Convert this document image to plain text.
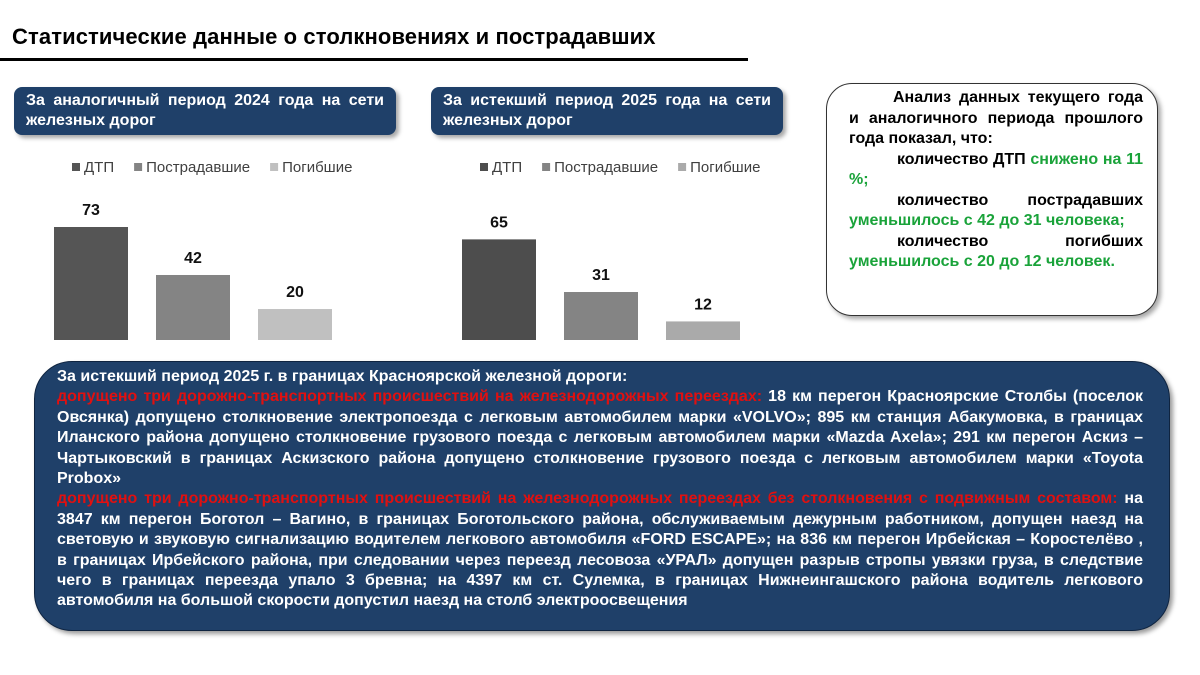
Статистические данные о столкновениях и пострадавших
За аналогичный период 2024 года на сети железных дорог
За истекший период 2025 года на сети железных дорог
ДТП Пострадавшие Погибшие
73
42
20
ДТП Пострадавшие Погибшие
65
31
12

Анализ данных текущего года и аналогичного периода прошлого года показал, что:

количество ДТП снижено на 11 %;

количество пострадавших уменьшилось с 42 до 31 человека;

количество погибших уменьшилось с 20 до 12 человек.

За истекший период 2025 г. в границах Красноярской железной дороги:

допущено три дорожно-транспортных происшествий на железнодорожных переездах: 18 км перегон Красноярские Столбы (поселок Овсянка) допущено столкновение электропоезда с легковым автомобилем марки «VOLVO»; 895 км станция Абакумовка, в границах Иланского района допущено столкновение грузового поезда с легковым автомобилем марки «Mazda Axela»; 291 км перегон Аскиз – Чартыковский в границах Аскизского района допущено столкновение грузового поезда с легковым автомобилем марки «Toyota Probox»

допущено три дорожно-транспортных происшествий на железнодорожных переездах без столкновения с подвижным составом: на 3847 км перегон Боготол – Вагино, в границах Боготольского района, обслуживаемым дежурным работником, допущен наезд на световую и звуковую сигнализацию водителем легкового автомобиля «FORD ESCAPE»; на 836 км перегон Ирбейская – Коростелёво , в границах Ирбейского района, при следовании через переезд лесовоза «УРАЛ» допущен разрыв стропы увязки груза, в следствие чего в границах переезда упало 3 бревна; на 4397 км ст. Сулемка, в границах Нижнеингашского района водитель легкового автомобиля на большой скорости допустил наезд на столб электроосвещения
